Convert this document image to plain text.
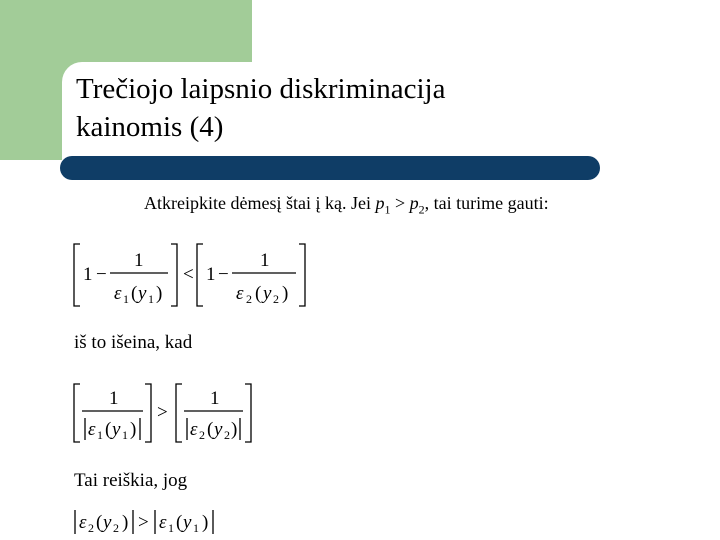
Trečiojo laipsnio diskriminacija
kainomis (4)
Atkreipkite dėmesį štai į ką. Jei $p_1 > p_2$, tai turime gauti:
1 −
1
ε 1 ( y 1 )
< 1 −
1
ε 2 ( y 2 )
iš to išeina, kad
1
ε 1 ( y 1 )
>
1
ε 2 ( y 2 )
Tai reiškia, jog
ε 2 ( y 2 ) > ε 1 ( y 1 )
